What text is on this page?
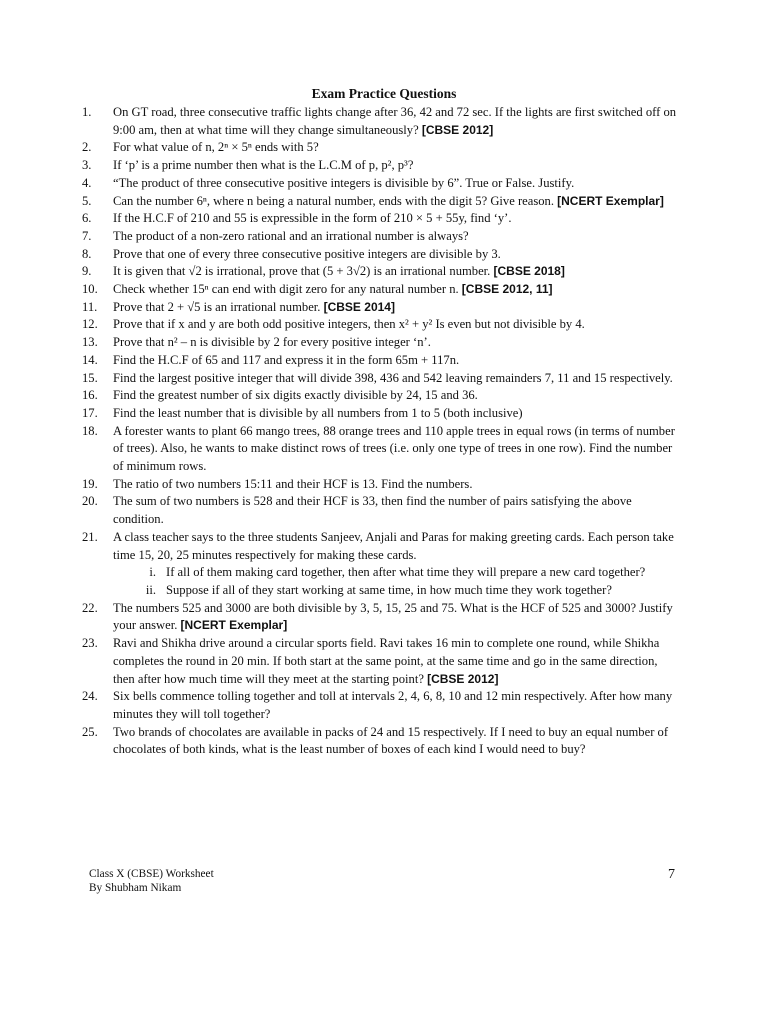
Exam Practice Questions
1.	On GT road, three consecutive traffic lights change after 36, 42 and 72 sec. If the lights are first switched off on 9:00 am, then at what time will they change simultaneously? [CBSE 2012]
2.	For what value of n, 2ⁿ × 5ⁿ ends with 5?
3.	If ‘p’ is a prime number then what is the L.C.M of p, p², p³?
4.	“The product of three consecutive positive integers is divisible by 6”. True or False. Justify.
5.	Can the number 6ⁿ, where n being a natural number, ends with the digit 5? Give reason. [NCERT Exemplar]
6.	If the H.C.F of 210 and 55 is expressible in the form of 210 × 5 + 55y, find ‘y’.
7.	The product of a non-zero rational and an irrational number is always?
8.	Prove that one of every three consecutive positive integers are divisible by 3.
9.	It is given that √2 is irrational, prove that (5 + 3√2) is an irrational number. [CBSE 2018]
10.	Check whether 15ⁿ can end with digit zero for any natural number n. [CBSE 2012, 11]
11.	Prove that 2 + √5 is an irrational number. [CBSE 2014]
12.	Prove that if x and y are both odd positive integers, then x² + y² Is even but not divisible by 4.
13.	Prove that n² – n is divisible by 2 for every positive integer ‘n’.
14.	Find the H.C.F of 65 and 117 and express it in the form 65m + 117n.
15.	Find the largest positive integer that will divide 398, 436 and 542 leaving remainders 7, 11 and 15 respectively.
16.	Find the greatest number of six digits exactly divisible by 24, 15 and 36.
17.	Find the least number that is divisible by all numbers from 1 to 5 (both inclusive)
18.	A forester wants to plant 66 mango trees, 88 orange trees and 110 apple trees in equal rows (in terms of number of trees). Also, he wants to make distinct rows of trees (i.e. only one type of trees in one row). Find the number of minimum rows.
19.	The ratio of two numbers 15:11 and their HCF is 13. Find the numbers.
20.	The sum of two numbers is 528 and their HCF is 33, then find the number of pairs satisfying the above condition.
21.	A class teacher says to the three students Sanjeev, Anjali and Paras for making greeting cards. Each person take time 15, 20, 25 minutes respectively for making these cards.
i. If all of them making card together, then after what time they will prepare a new card together?
ii. Suppose if all of they start working at same time, in how much time they work together?
22.	The numbers 525 and 3000 are both divisible by 3, 5, 15, 25 and 75. What is the HCF of 525 and 3000? Justify your answer. [NCERT Exemplar]
23.	Ravi and Shikha drive around a circular sports field. Ravi takes 16 min to complete one round, while Shikha completes the round in 20 min. If both start at the same point, at the same time and go in the same direction, then after how much time will they meet at the starting point? [CBSE 2012]
24.	Six bells commence tolling together and toll at intervals 2, 4, 6, 8, 10 and 12 min respectively. After how many minutes they will toll together?
25.	Two brands of chocolates are available in packs of 24 and 15 respectively. If I need to buy an equal number of chocolates of both kinds, what is the least number of boxes of each kind I would need to buy?
Class X (CBSE) Worksheet
By Shubham Nikam
7
